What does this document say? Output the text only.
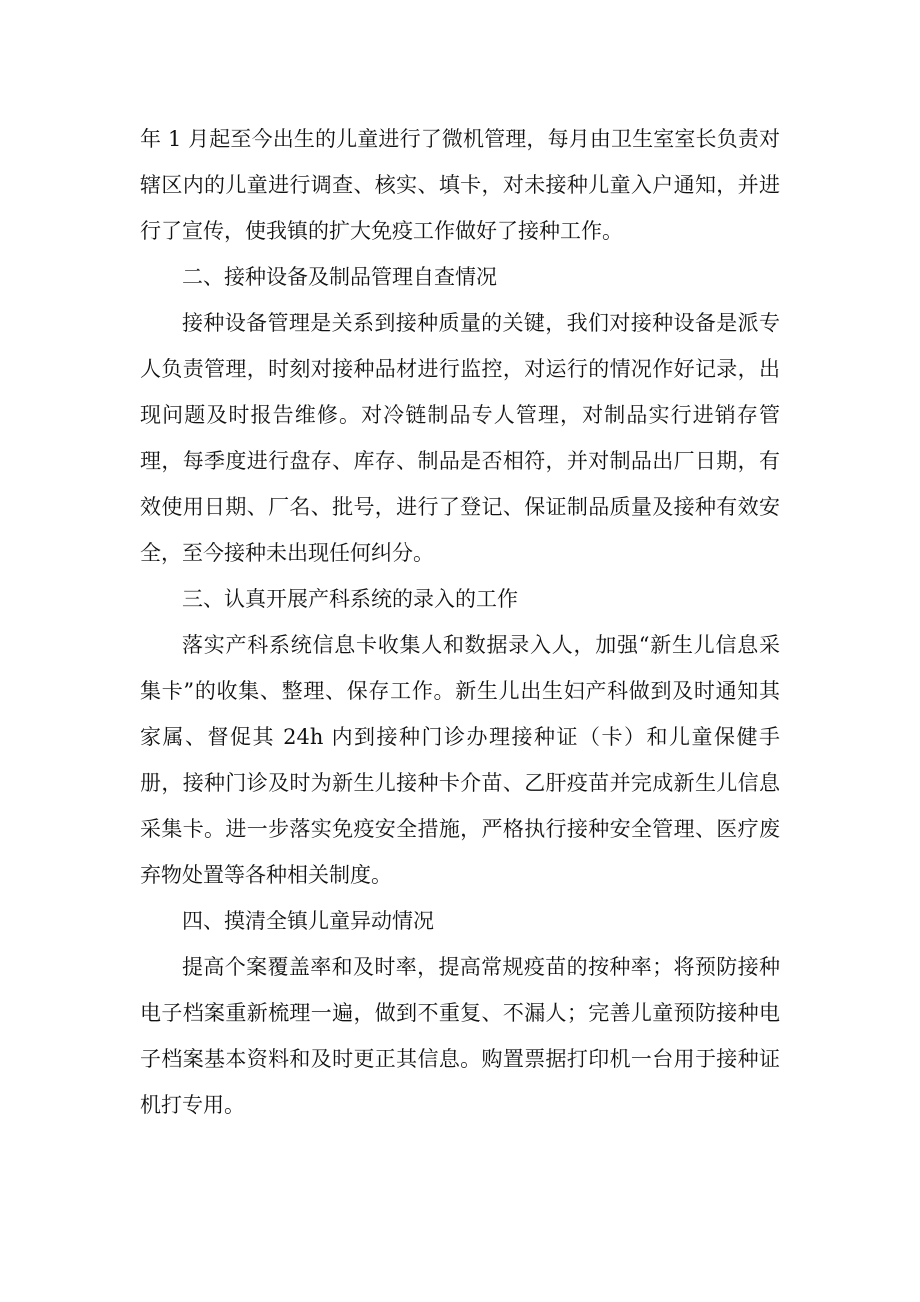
年 1 月起至今出生的儿童进行了微机管理，每月由卫生室室长负责对辖区内的儿童进行调查、核实、填卡，对未接种儿童入户通知，并进行了宣传，使我镇的扩大免疫工作做好了接种工作。

二、接种设备及制品管理自查情况

接种设备管理是关系到接种质量的关键，我们对接种设备是派专人负责管理，时刻对接种品材进行监控，对运行的情况作好记录，出现问题及时报告维修。对冷链制品专人管理，对制品实行进销存管理，每季度进行盘存、库存、制品是否相符，并对制品出厂日期，有效使用日期、厂名、批号，进行了登记、保证制品质量及接种有效安全，至今接种未出现任何纠分。

三、认真开展产科系统的录入的工作

落实产科系统信息卡收集人和数据录入人，加强“新生儿信息采集卡”的收集、整理、保存工作。新生儿出生妇产科做到及时通知其家属、督促其 24h 内到接种门诊办理接种证（卡）和儿童保健手册，接种门诊及时为新生儿接种卡介苗、乙肝疫苗并完成新生儿信息采集卡。进一步落实免疫安全措施，严格执行接种安全管理、医疗废弃物处置等各种相关制度。

四、摸清全镇儿童异动情况

提高个案覆盖率和及时率，提高常规疫苗的按种率；将预防接种电子档案重新梳理一遍，做到不重复、不漏人；完善儿童预防接种电子档案基本资料和及时更正其信息。购置票据打印机一台用于接种证机打专用。
